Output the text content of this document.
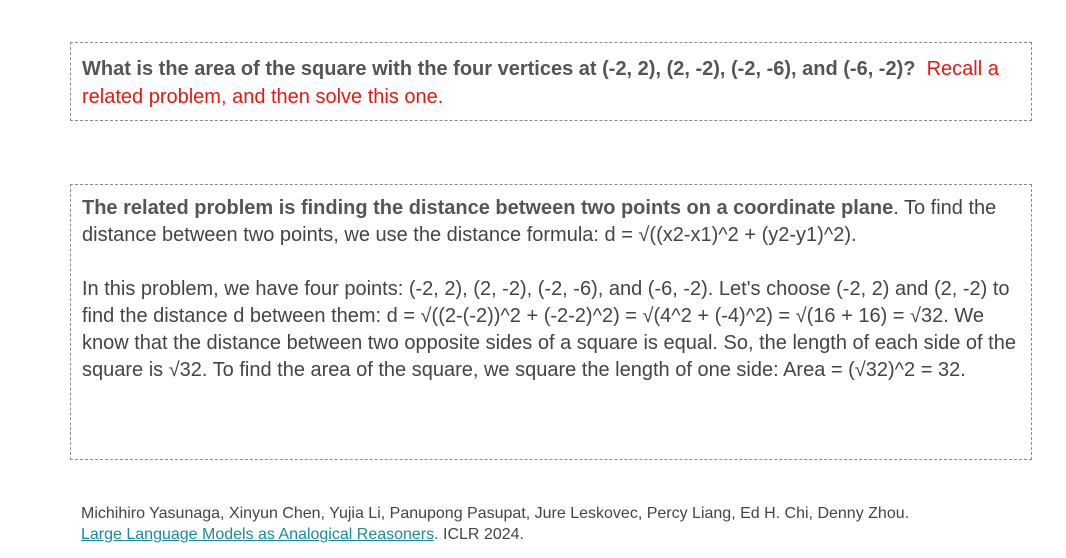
What is the area of the square with the four vertices at (-2, 2), (2, -2), (-2, -6), and (-6, -2)? Recall a related problem, and then solve this one.
The related problem is finding the distance between two points on a coordinate plane. To find the distance between two points, we use the distance formula: d = √((x2-x1)^2 + (y2-y1)^2).
In this problem, we have four points: (-2, 2), (2, -2), (-2, -6), and (-6, -2). Let's choose (-2, 2) and (2, -2) to find the distance d between them: d = √((2-(-2))^2 + (-2-2)^2) = √(4^2 + (-4)^2) = √(16 + 16) = √32. We know that the distance between two opposite sides of a square is equal. So, the length of each side of the square is √32. To find the area of the square, we square the length of one side: Area = (√32)^2 = 32.
Michihiro Yasunaga, Xinyun Chen, Yujia Li, Panupong Pasupat, Jure Leskovec, Percy Liang, Ed H. Chi, Denny Zhou.
Large Language Models as Analogical Reasoners. ICLR 2024.
